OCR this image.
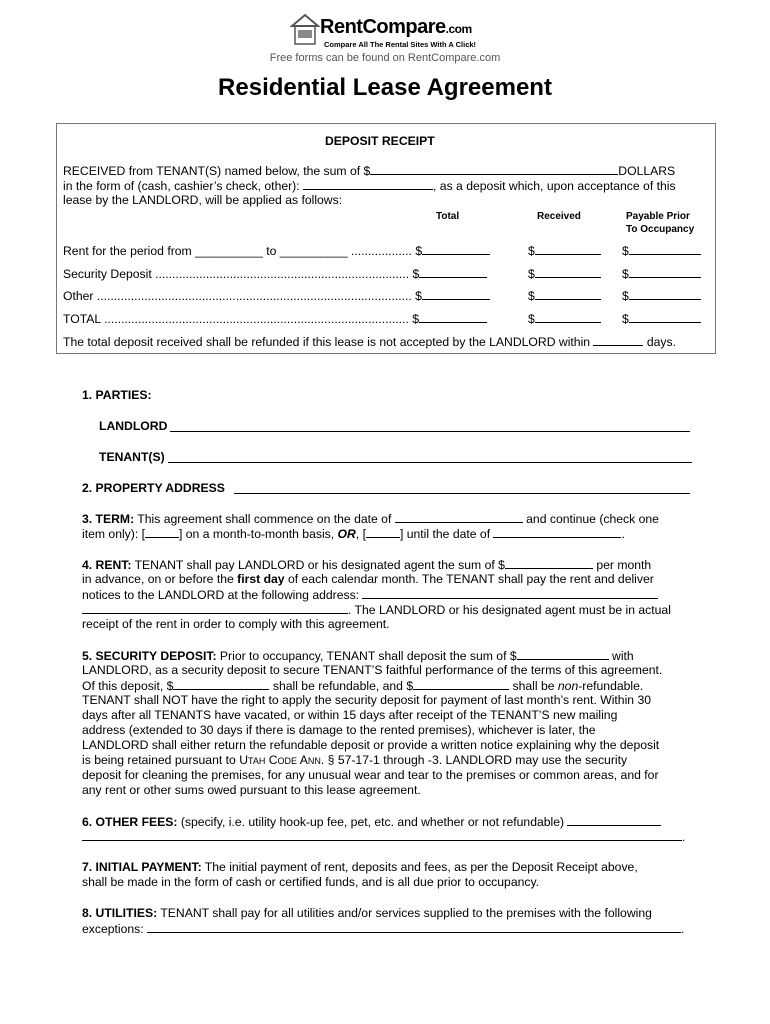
RentCompare.com
Compare All The Rental Sites With A Click!
Free forms can be found on RentCompare.com
Residential Lease Agreement
DEPOSIT RECEIPT
RECEIVED from TENANT(S) named below, the sum of $	DOLLARS
in the form of (cash, cashier’s check, other):	, as a deposit which, upon acceptance of this
lease by the LANDLORD, will be applied as follows:
Total	Received	Payable Prior
To Occupancy
Rent for the period from __________ to __________ .................. $	$	$
Security Deposit ........................................................................... $	$	$
Other ............................................................................................. $	$	$
TOTAL .......................................................................................... $	$	$
The total deposit received shall be refunded if this lease is not accepted by the LANDLORD within	days.
1. PARTIES:
LANDLORD
TENANT(S)
2. PROPERTY ADDRESS
3. TERM: This agreement shall commence on the date of	and continue (check one
item only): [	] on a month-to-month basis, OR, [	] until the date of	.
4. RENT: TENANT shall pay LANDLORD or his designated agent the sum of $	per month
in advance, on or before the first day of each calendar month. The TENANT shall pay the rent and deliver
notices to the LANDLORD at the following address:
. The LANDLORD or his designated agent must be in actual
receipt of the rent in order to comply with this agreement.
5. SECURITY DEPOSIT: Prior to occupancy, TENANT shall deposit the sum of $	with
LANDLORD, as a security deposit to secure TENANT’S faithful performance of the terms of this agreement.
Of this deposit, $	shall be refundable, and $	shall be non-refundable.
TENANT shall NOT have the right to apply the security deposit for payment of last month’s rent. Within 30
days after all TENANTS have vacated, or within 15 days after receipt of the TENANT’S new mailing
address (extended to 30 days if there is damage to the rented premises), whichever is later, the
LANDLORD shall either return the refundable deposit or provide a written notice explaining why the deposit
is being retained pursuant to Utah Code Ann. § 57-17-1 through -3. LANDLORD may use the security
deposit for cleaning the premises, for any unusual wear and tear to the premises or common areas, and for
any rent or other sums owed pursuant to this lease agreement.
6. OTHER FEES: (specify, i.e. utility hook-up fee, pet, etc. and whether or not refundable)
.
7. INITIAL PAYMENT: The initial payment of rent, deposits and fees, as per the Deposit Receipt above,
shall be made in the form of cash or certified funds, and is all due prior to occupancy.
8. UTILITIES: TENANT shall pay for all utilities and/or services supplied to the premises with the following
exceptions:	.
